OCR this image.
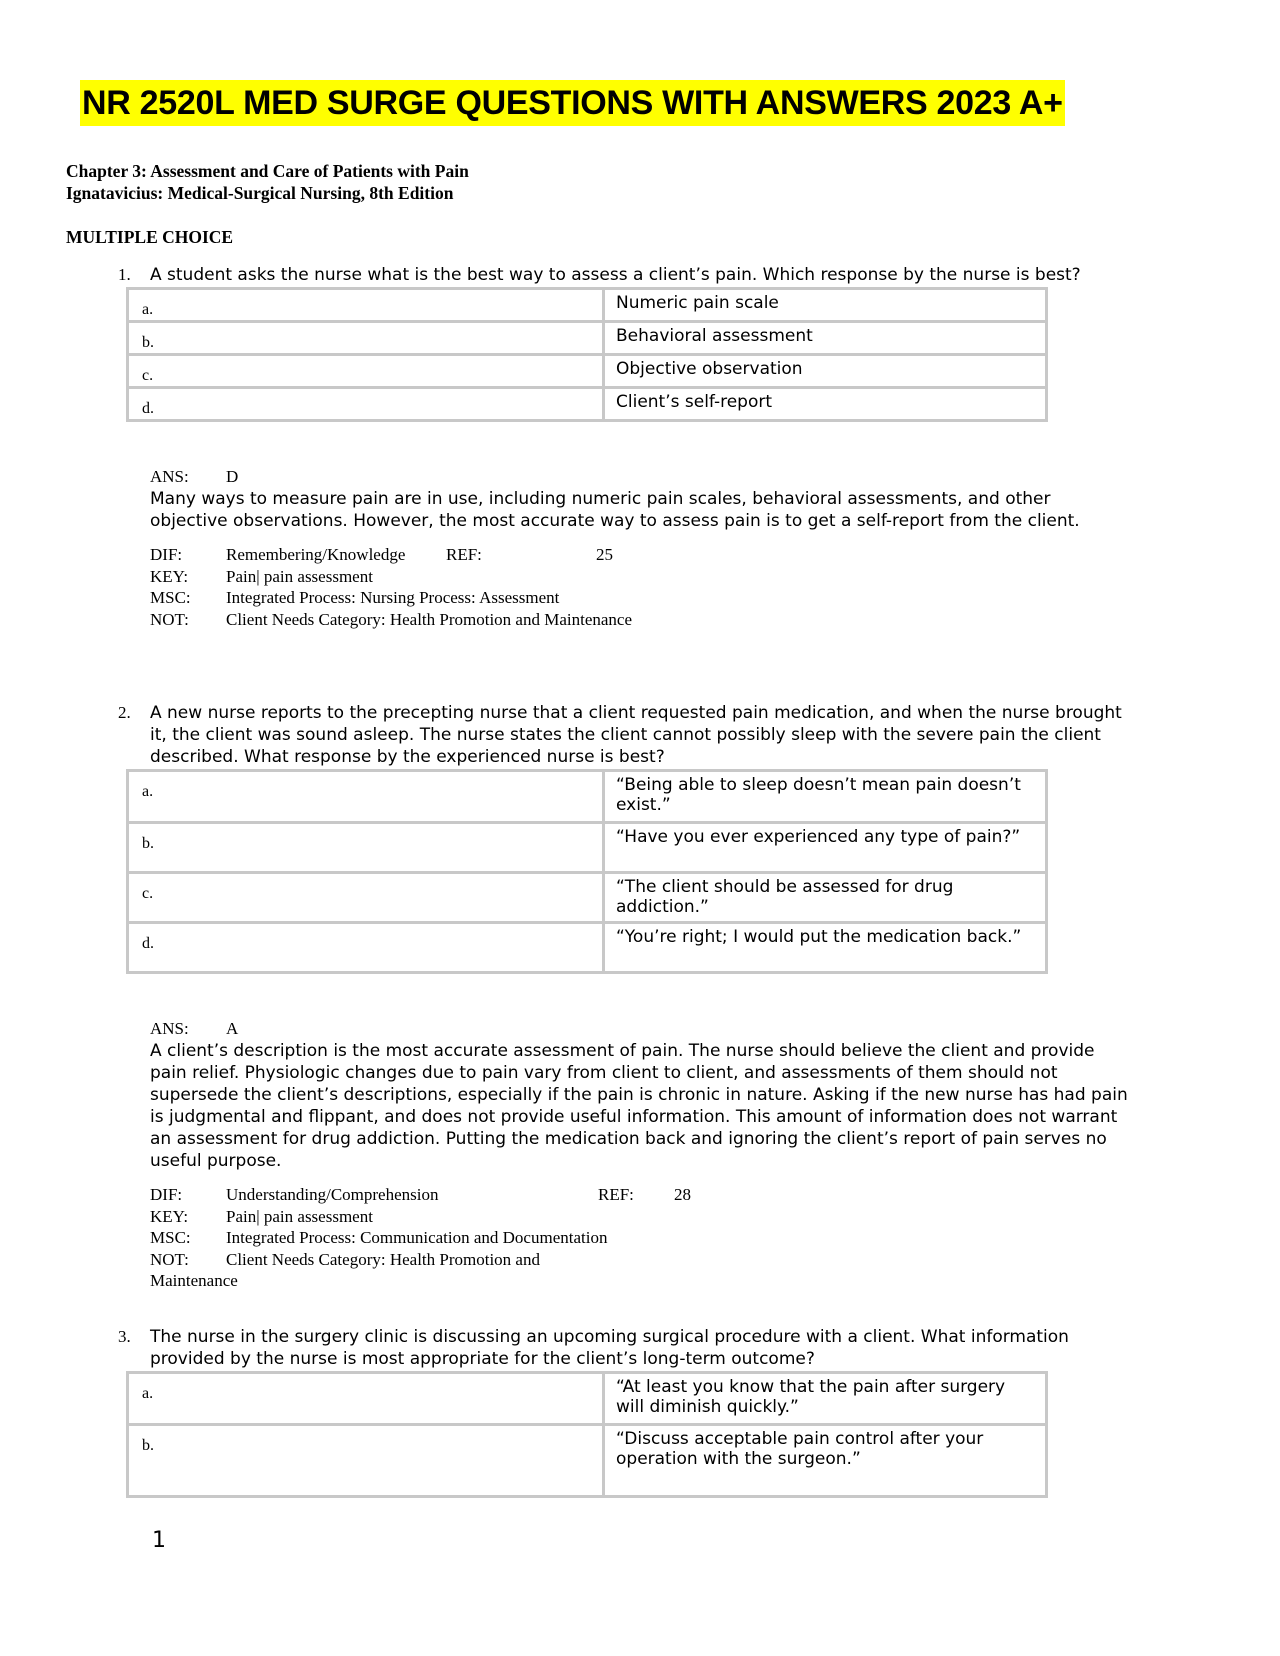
NR 2520L MED SURGE QUESTIONS WITH ANSWERS 2023 A+
Chapter 3: Assessment and Care of Patients with Pain
Ignatavicius: Medical-Surgical Nursing, 8th Edition
MULTIPLE CHOICE
1. A student asks the nurse what is the best way to assess a client’s pain. Which response by the nurse is best?
a.	Numeric pain scale
b.	Behavioral assessment
c.	Objective observation
d.	Client’s self-report
ANS: D
Many ways to measure pain are in use, including numeric pain scales, behavioral assessments, and other objective observations. However, the most accurate way to assess pain is to get a self-report from the client.
DIF:	Remembering/Knowledge REF:	25
KEY: Pain| pain assessment
MSC: Integrated Process: Nursing Process: Assessment
NOT: Client Needs Category: Health Promotion and Maintenance
2. A new nurse reports to the precepting nurse that a client requested pain medication, and when the nurse brought it, the client was sound asleep. The nurse states the client cannot possibly sleep with the severe pain the client described. What response by the experienced nurse is best?
a.	“Being able to sleep doesn’t mean pain doesn’t exist.”
b.	“Have you ever experienced any type of pain?”
c.	“The client should be assessed for drug addiction.”
d.	“You’re right; I would put the medication back.”
ANS: A
A client’s description is the most accurate assessment of pain. The nurse should believe the client and provide pain relief. Physiologic changes due to pain vary from client to client, and assessments of them should not supersede the client’s descriptions, especially if the pain is chronic in nature. Asking if the new nurse has had pain is judgmental and flippant, and does not provide useful information. This amount of information does not warrant an assessment for drug addiction. Putting the medication back and ignoring the client’s report of pain serves no useful purpose.
DIF:	Understanding/Comprehension	REF: 28
KEY: Pain| pain assessment
MSC: Integrated Process: Communication and Documentation
NOT: Client Needs Category: Health Promotion and
Maintenance
3. The nurse in the surgery clinic is discussing an upcoming surgical procedure with a client. What information provided by the nurse is most appropriate for the client’s long-term outcome?
a.	“At least you know that the pain after surgery will diminish quickly.”
b.	“Discuss acceptable pain control after your operation with the surgeon.”
1
